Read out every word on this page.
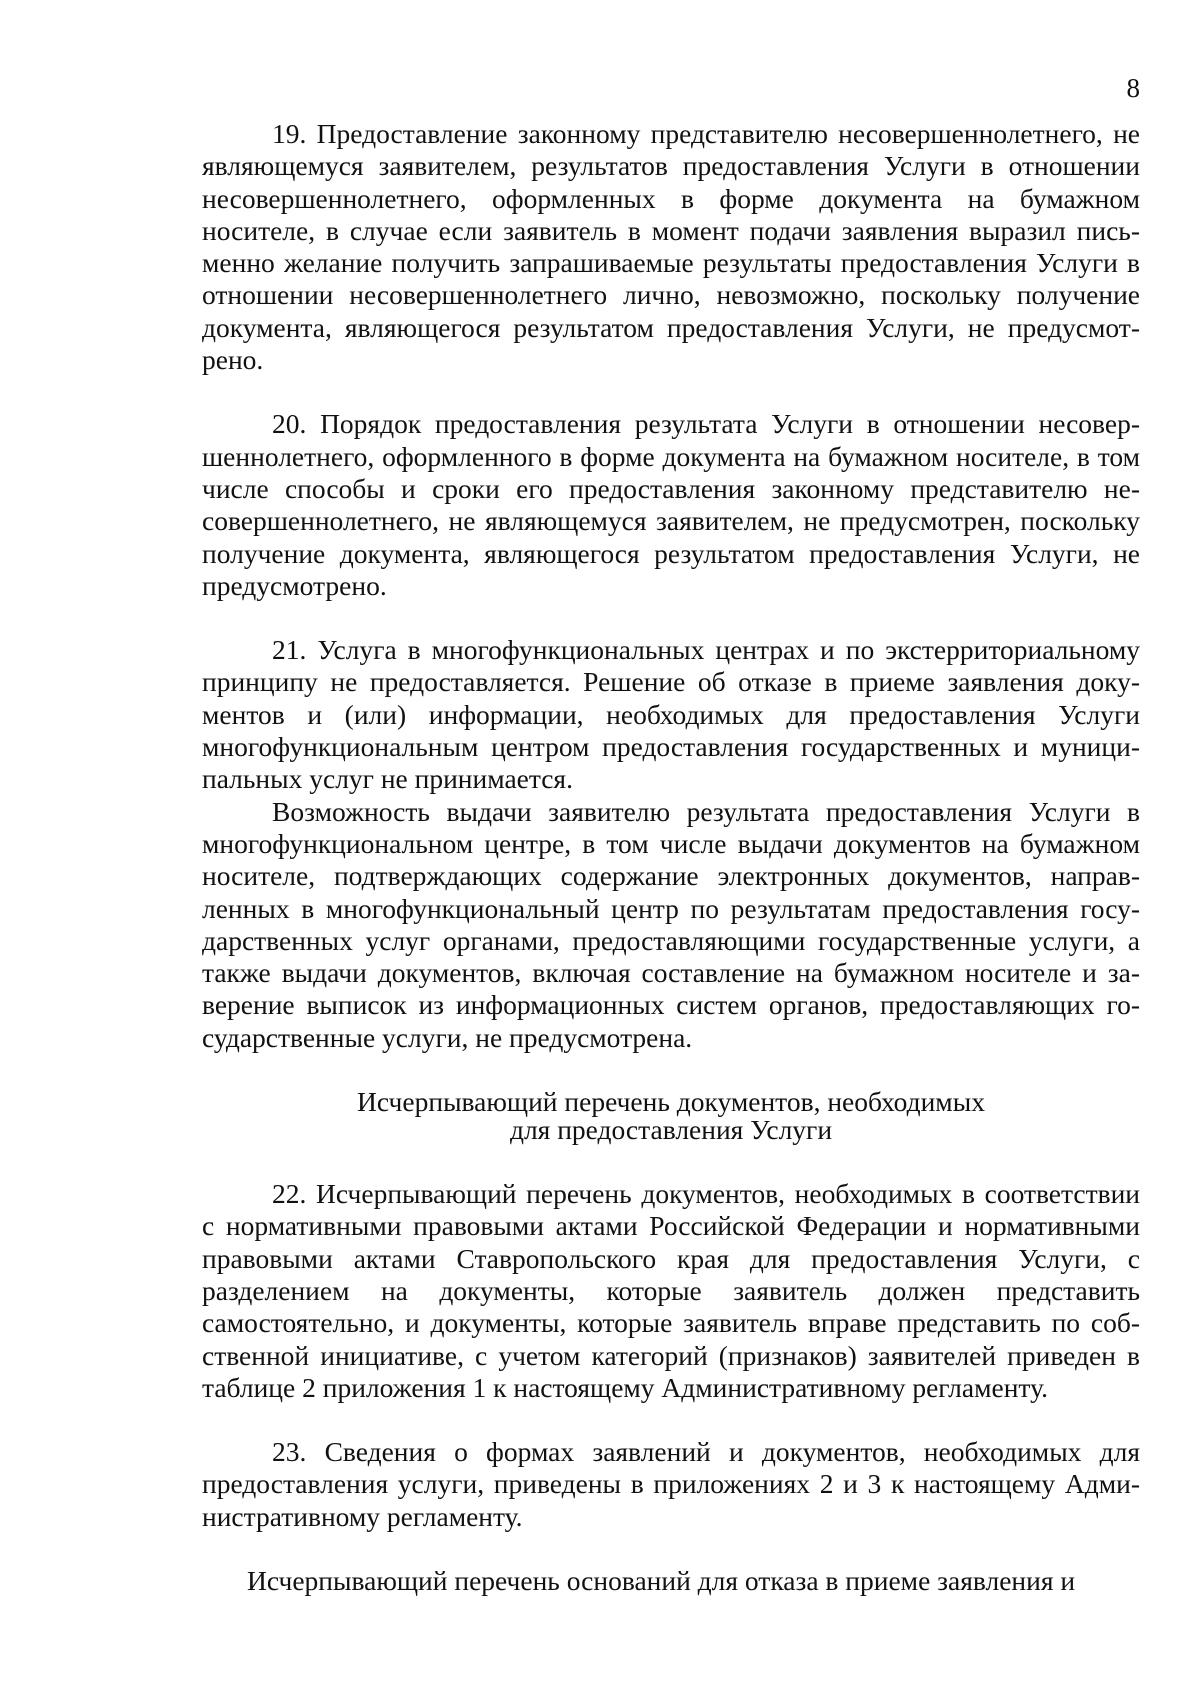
8

19. Предоставление законному представителю несовершеннолетнего, не являющемуся заявителем, результатов предоставления Услуги в отношении несовершеннолетнего, оформленных в форме документа на бумажном носителе, в случае если заявитель в момент подачи заявления выразил письменно желание получить запрашиваемые результаты предоставления Услуги в отношении несовершеннолетнего лично, невозможно, поскольку получение документа, являющегося результатом предоставления Услуги, не предусмотрено.

20. Порядок предоставления результата Услуги в отношении несовершеннолетнего, оформленного в форме документа на бумажном носителе, в том числе способы и сроки его предоставления законному представителю несовершеннолетнего, не являющемуся заявителем, не предусмотрен, поскольку получение документа, являющегося результатом предоставления Услуги, не предусмотрено.

21. Услуга в многофункциональных центрах и по экстерриториальному принципу не предоставляется. Решение об отказе в приеме заявления документов и (или) информации, необходимых для предоставления Услуги многофункциональным центром предоставления государственных и муниципальных услуг не принимается.

Возможность выдачи заявителю результата предоставления Услуги в многофункциональном центре, в том числе выдачи документов на бумажном носителе, подтверждающих содержание электронных документов, направленных в многофункциональный центр по результатам предоставления государственных услуг органами, предоставляющими государственные услуги, а также выдачи документов, включая составление на бумажном носителе и заверение выписок из информационных систем органов, предоставляющих государственные услуги, не предусмотрена.

Исчерпывающий перечень документов, необходимых
для предоставления Услуги

22. Исчерпывающий перечень документов, необходимых в соответствии с нормативными правовыми актами Российской Федерации и нормативными правовыми актами Ставропольского края для предоставления Услуги, с разделением на документы, которые заявитель должен представить самостоятельно, и документы, которые заявитель вправе представить по собственной инициативе, с учетом категорий (признаков) заявителей приведен в таблице 2 приложения 1 к настоящему Административному регламенту.

23. Сведения о формах заявлений и документов, необходимых для предоставления услуги, приведены в приложениях 2 и 3 к настоящему Административному регламенту.

Исчерпывающий перечень оснований для отказа в приеме заявления и
